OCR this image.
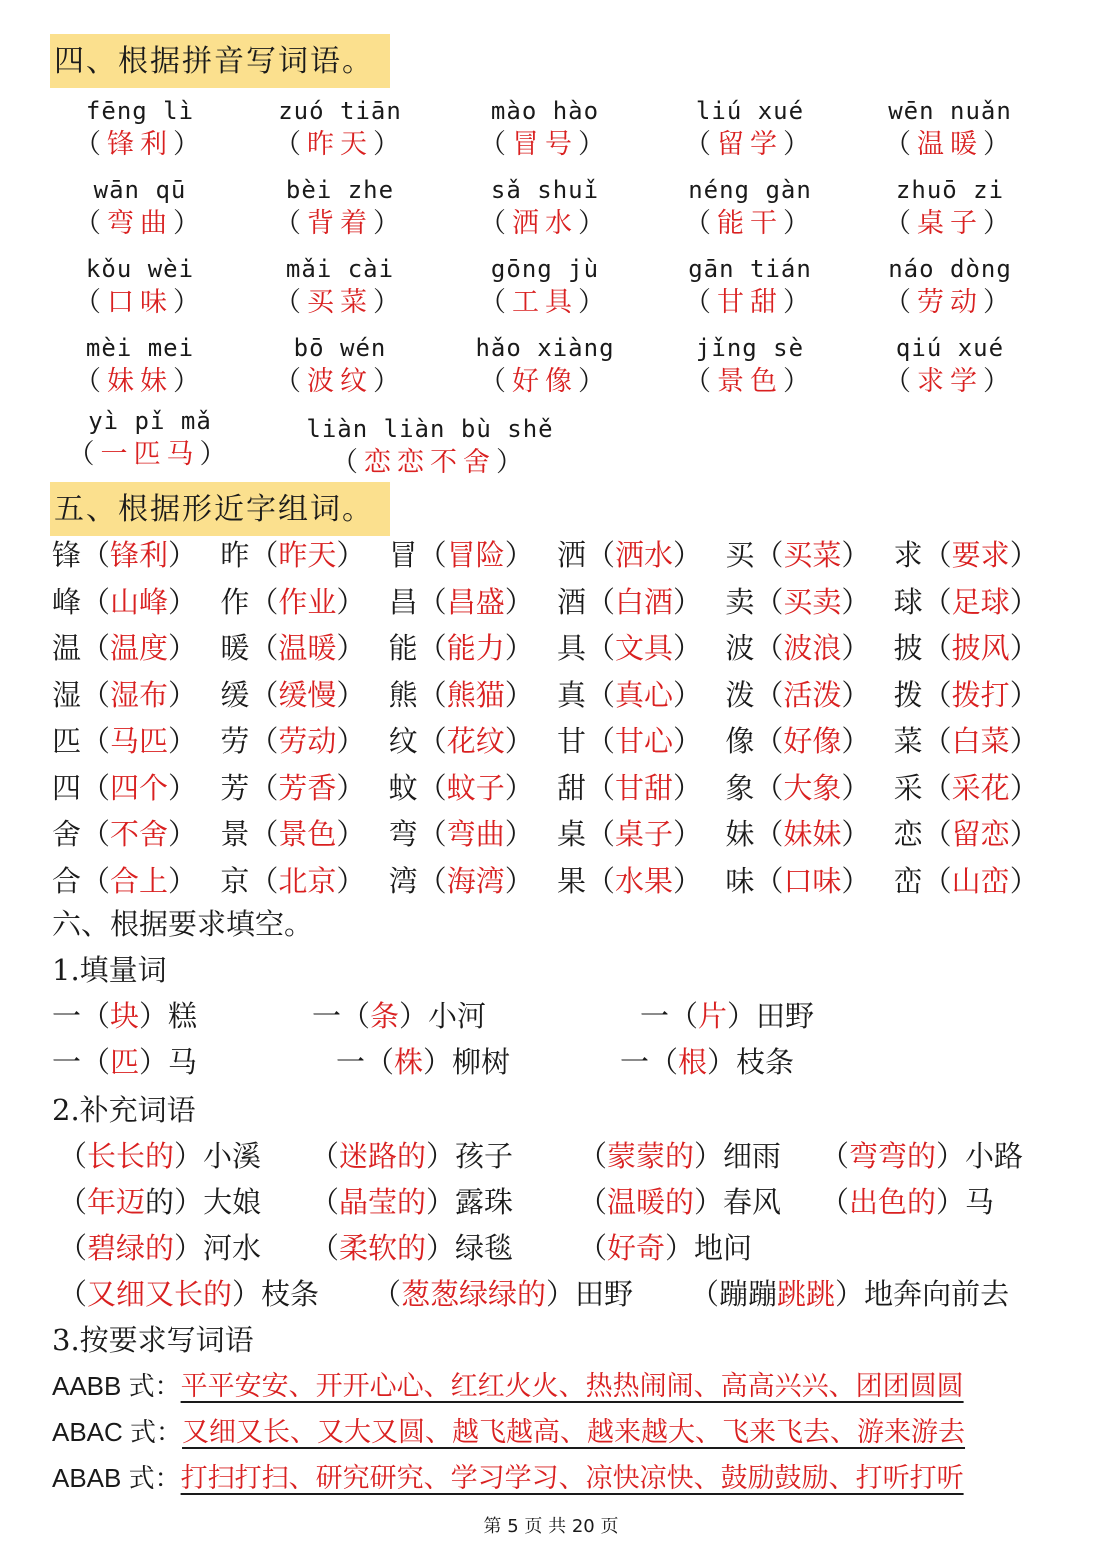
四、根据拼音写词语。
fēng lì
（锋利）
zuó tiān
（昨天）
mào hào
（冒号）
liú xué
（留学）
wēn nuǎn
（温暖）
wān qū
（弯曲）
bèi zhe
（背着）
sǎ shuǐ
（洒水）
néng gàn
（能干）
zhuō zi
（桌子）
kǒu wèi
（口味）
mǎi cài
（买菜）
gōng jù
（工具）
gān tián
（甘甜）
náo dòng
（劳动）
mèi mei
（妹妹）
bō wén
（波纹）
hǎo xiàng
（好像）
jǐng sè
（景色）
qiú xué
（求学）
yì pǐ mǎ
（一匹马）
liàn liàn bù shě
（恋恋不舍）
五、根据形近字组词。
锋 （ 锋利 ） 昨 （ 昨天 ） 冒 （ 冒险 ） 洒 （ 洒水 ） 买 （ 买菜 ） 求 （ 要求 ）
峰 （ 山峰 ） 作 （ 作业 ） 昌 （ 昌盛 ） 酒 （ 白酒 ） 卖 （ 买卖 ） 球 （ 足球 ）
温 （ 温度 ） 暖 （ 温暖 ） 能 （ 能力 ） 具 （ 文具 ） 波 （ 波浪 ） 披 （ 披风 ）
湿 （ 湿布 ） 缓 （ 缓慢 ） 熊 （ 熊猫 ） 真 （ 真心 ） 泼 （ 活泼 ） 拨 （ 拨打 ）
匹 （ 马匹 ） 劳 （ 劳动 ） 纹 （ 花纹 ） 甘 （ 甘心 ） 像 （ 好像 ） 菜 （ 白菜 ）
四 （ 四个 ） 芳 （ 芳香 ） 蚊 （ 蚊子 ） 甜 （ 甘甜 ） 象 （ 大象 ） 采 （ 采花 ）
舍 （ 不舍 ） 景 （ 景色 ） 弯 （ 弯曲 ） 桌 （ 桌子 ） 妹 （ 妹妹 ） 恋 （ 留恋 ）
合 （ 合上 ） 京 （ 北京 ） 湾 （ 海湾 ） 果 （ 水果 ） 味 （ 口味 ） 峦 （ 山峦 ）
六、根据要求填空。
1.填量词
一（块）糕	一（条）小河	一（片）田野
一（匹）马	一（株）柳树	一（根）枝条
2.补充词语
（长长的）小溪 （迷路的）孩子 （蒙蒙的）细雨 （弯弯的）小路
（年迈的）大娘 （晶莹的）露珠 （温暖的）春风 （出色的）马
（碧绿的）河水 （柔软的）绿毯 （好奇）地问
（又细又长的）枝条 （葱葱绿绿的）田野 （蹦蹦跳跳）地奔向前去
3.按要求写词语
AABB 式：平平安安、开开心心、红红火火、热热闹闹、高高兴兴、团团圆圆
ABAC 式：又细又长、又大又圆、越飞越高、越来越大、飞来飞去、游来游去
ABAB 式：打扫打扫、研究研究、学习学习、凉快凉快、鼓励鼓励、打听打听
第 5 页 共 20 页
